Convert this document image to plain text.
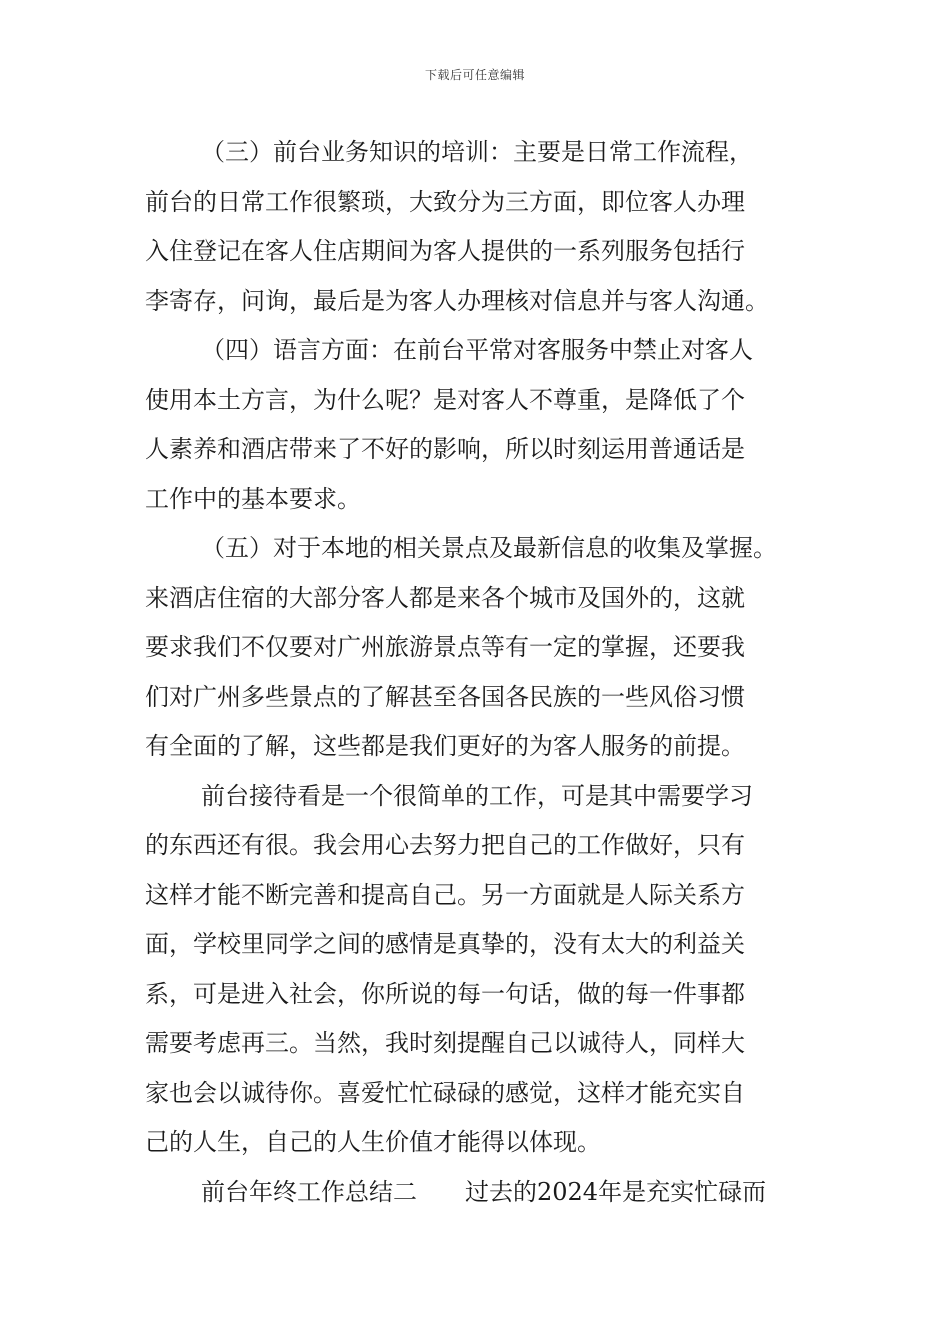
下载后可任意编辑
（三）前台业务知识的培训：主要是日常工作流程，
前台的日常工作很繁琐，大致分为三方面，即位客人办理
入住登记在客人住店期间为客人提供的一系列服务包括行
李寄存，问询，最后是为客人办理核对信息并与客人沟通。
（四）语言方面：在前台平常对客服务中禁止对客人
使用本土方言，为什么呢？是对客人不尊重，是降低了个
人素养和酒店带来了不好的影响，所以时刻运用普通话是
工作中的基本要求。
（五）对于本地的相关景点及最新信息的收集及掌握。
来酒店住宿的大部分客人都是来各个城市及国外的，这就
要求我们不仅要对广州旅游景点等有一定的掌握，还要我
们对广州多些景点的了解甚至各国各民族的一些风俗习惯
有全面的了解，这些都是我们更好的为客人服务的前提。
前台接待看是一个很简单的工作，可是其中需要学习
的东西还有很。我会用心去努力把自己的工作做好，只有
这样才能不断完善和提高自己。另一方面就是人际关系方
面，学校里同学之间的感情是真挚的，没有太大的利益关
系，可是进入社会，你所说的每一句话，做的每一件事都
需要考虑再三。当然，我时刻提醒自己以诚待人，同样大
家也会以诚待你。喜爱忙忙碌碌的感觉，这样才能充实自
己的人生，自己的人生价值才能得以体现。
前台年终工作总结二 过去的2024年是充实忙碌而
